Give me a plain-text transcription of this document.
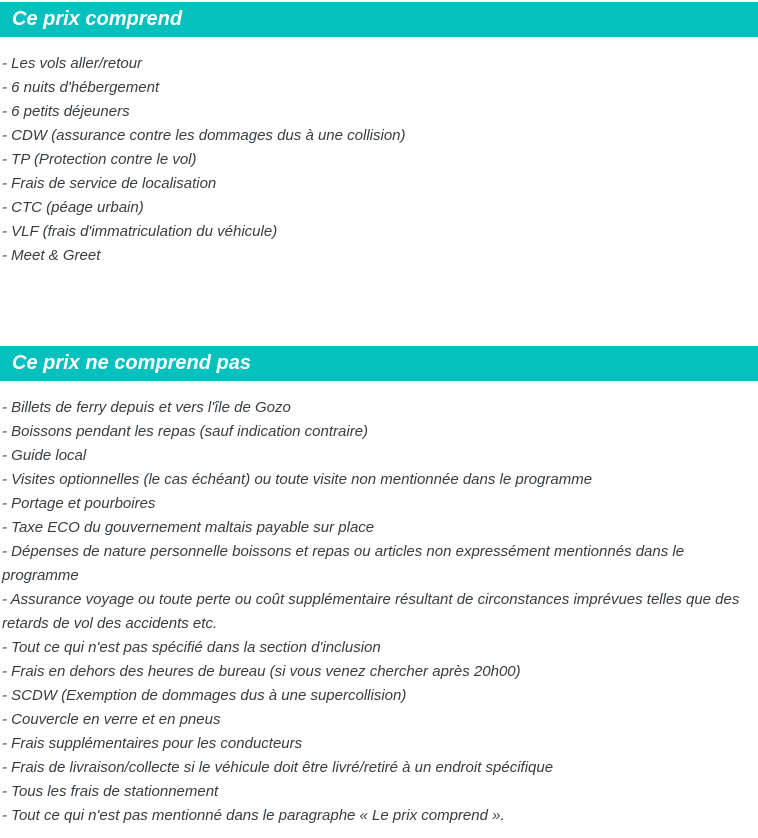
Ce prix comprend

- Les vols aller/retour

- 6 nuits d'hébergement

- 6 petits déjeuners

- CDW (assurance contre les dommages dus à une collision)

- TP (Protection contre le vol)

- Frais de service de localisation

- CTC (péage urbain)

- VLF (frais d'immatriculation du véhicule)

- Meet & Greet

Ce prix ne comprend pas

- Billets de ferry depuis et vers l'île de Gozo

- Boissons pendant les repas (sauf indication contraire)

- Guide local

- Visites optionnelles (le cas échéant) ou toute visite non mentionnée dans le programme

- Portage et pourboires

- Taxe ECO du gouvernement maltais payable sur place

- Dépenses de nature personnelle boissons et repas ou articles non expressément mentionnés dans le programme

- Assurance voyage ou toute perte ou coût supplémentaire résultant de circonstances imprévues telles que des retards de vol des accidents etc.

- Tout ce qui n'est pas spécifié dans la section d'inclusion

- Frais en dehors des heures de bureau (si vous venez chercher après 20h00)

- SCDW (Exemption de dommages dus à une supercollision)

- Couvercle en verre et en pneus

- Frais supplémentaires pour les conducteurs

- Frais de livraison/collecte si le véhicule doit être livré/retiré à un endroit spécifique

- Tous les frais de stationnement

- Tout ce qui n'est pas mentionné dans le paragraphe « Le prix comprend ».
